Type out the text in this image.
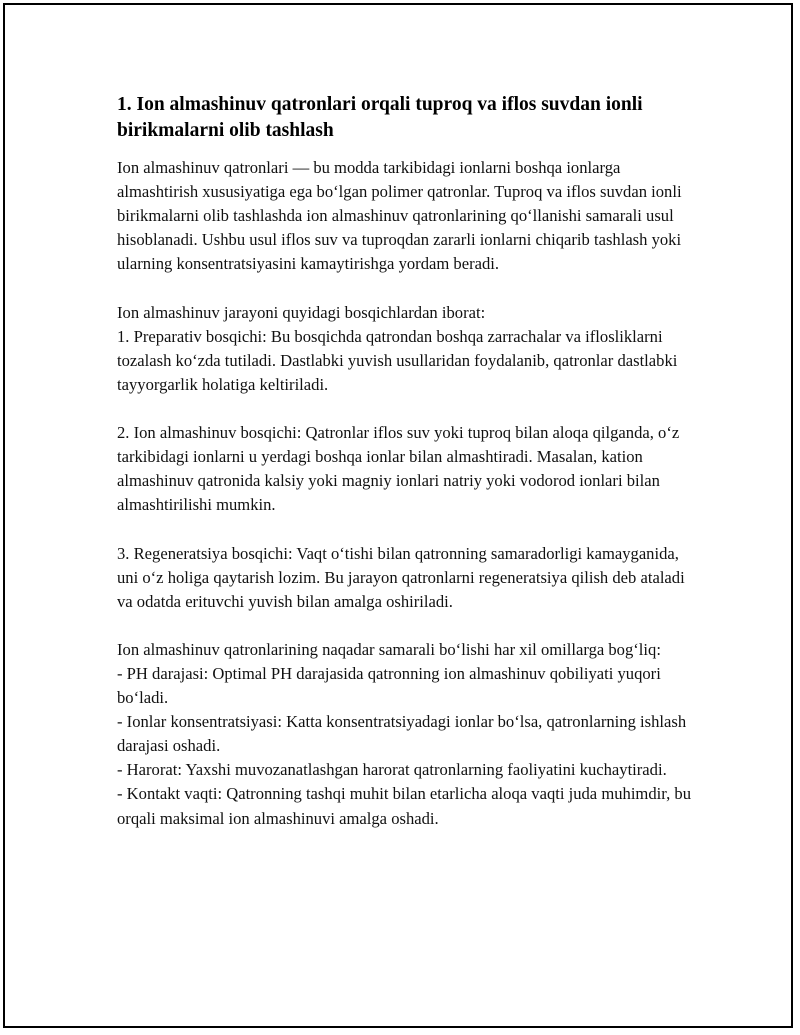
1. Ion almashinuv qatronlari orqali tuproq va iflos suvdan ionli birikmalarni olib tashlash

Ion almashinuv qatronlari — bu modda tarkibidagi ionlarni boshqa ionlarga almashtirish xususiyatiga ega bo‘lgan polimer qatronlar. Tuproq va iflos suvdan ionli birikmalarni olib tashlashda ion almashinuv qatronlarining qo‘llanishi samarali usul hisoblanadi. Ushbu usul iflos suv va tuproqdan zararli ionlarni chiqarib tashlash yoki ularning konsentratsiyasini kamaytirishga yordam beradi.

Ion almashinuv jarayoni quyidagi bosqichlardan iborat:

1. Preparativ bosqichi: Bu bosqichda qatrondan boshqa zarrachalar va iflosliklarni tozalash ko‘zda tutiladi. Dastlabki yuvish usullaridan foydalanib, qatronlar dastlabki tayyorgarlik holatiga keltiriladi.

2. Ion almashinuv bosqichi: Qatronlar iflos suv yoki tuproq bilan aloqa qilganda, o‘z tarkibidagi ionlarni u yerdagi boshqa ionlar bilan almashtiradi. Masalan, kation almashinuv qatronida kalsiy yoki magniy ionlari natriy yoki vodorod ionlari bilan almashtirilishi mumkin.

3. Regeneratsiya bosqichi: Vaqt o‘tishi bilan qatronning samaradorligi kamayganida, uni o‘z holiga qaytarish lozim. Bu jarayon qatronlarni regeneratsiya qilish deb ataladi va odatda erituvchi yuvish bilan amalga oshiriladi.

Ion almashinuv qatronlarining naqadar samarali bo‘lishi har xil omillarga bog‘liq:

- PH darajasi: Optimal PH darajasida qatronning ion almashinuv qobiliyati yuqori bo‘ladi.

- Ionlar konsentratsiyasi: Katta konsentratsiyadagi ionlar bo‘lsa, qatronlarning ishlash darajasi oshadi.

- Harorat: Yaxshi muvozanatlashgan harorat qatronlarning faoliyatini kuchaytiradi.

- Kontakt vaqti: Qatronning tashqi muhit bilan etarlicha aloqa vaqti juda muhimdir, bu orqali maksimal ion almashinuvi amalga oshadi.
